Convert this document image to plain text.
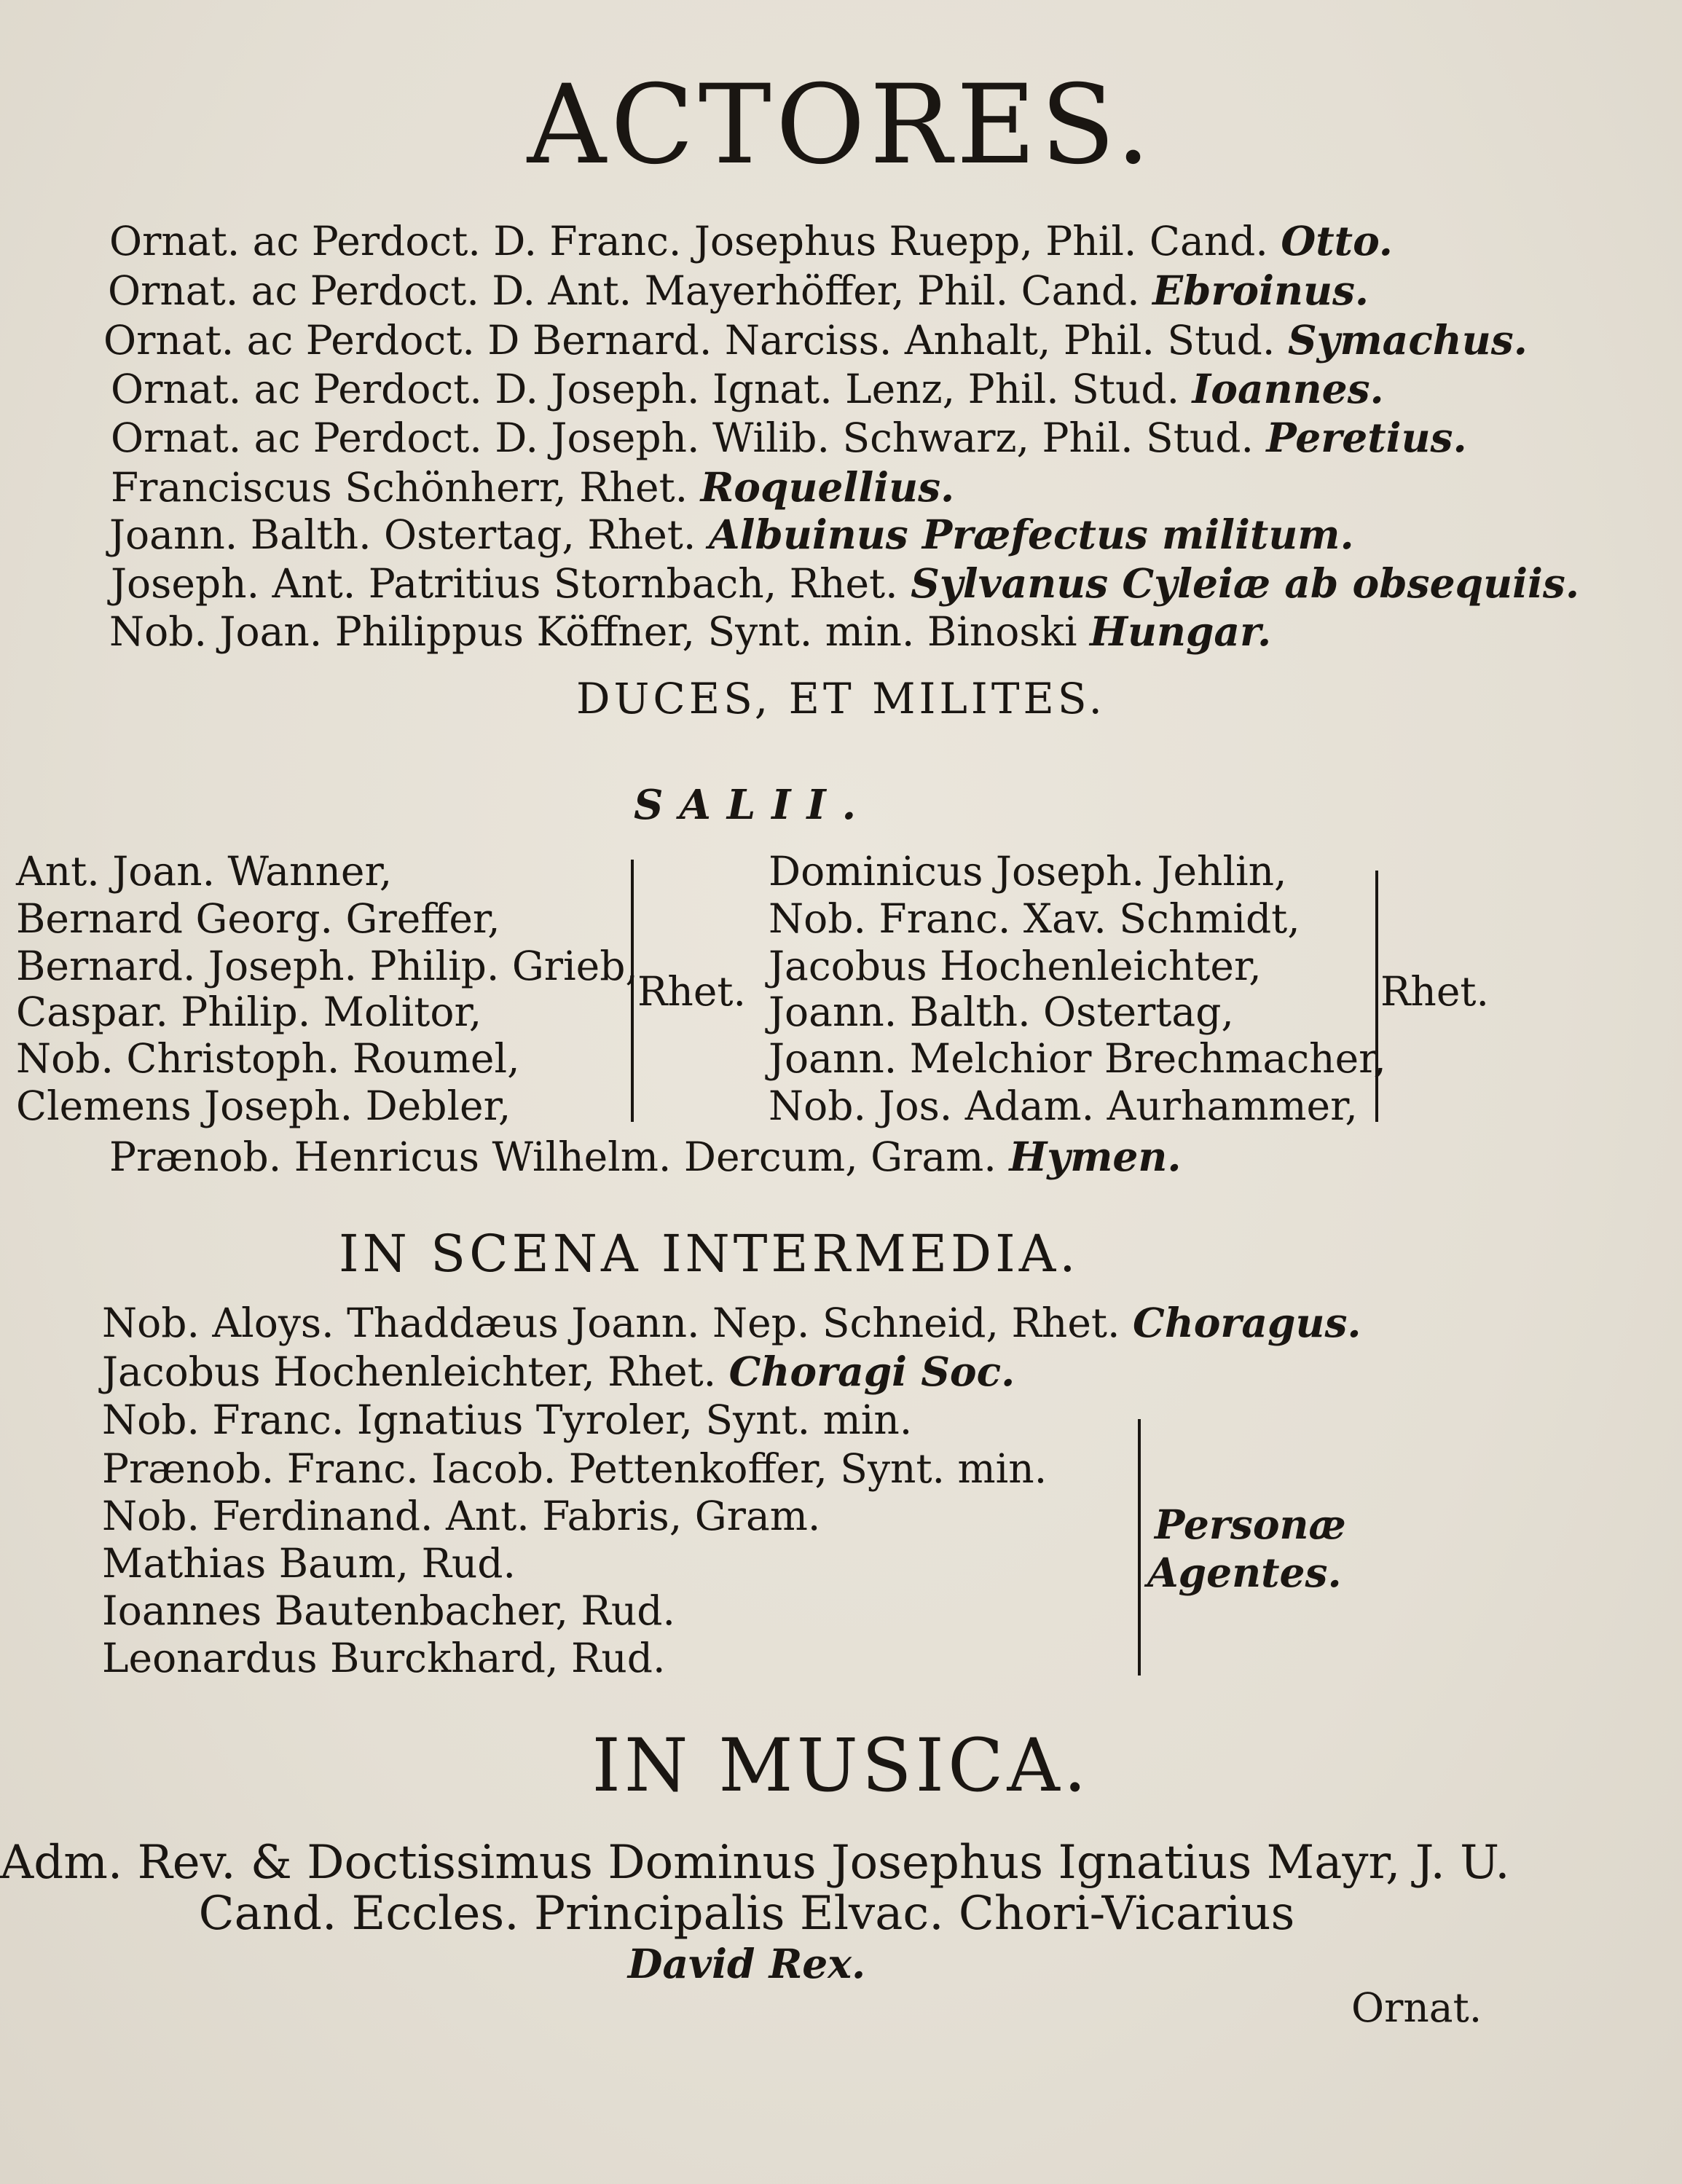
ACTORES.
Ornat. ac Perdoct. D. Franc. Josephus Ruepp, Phil. Cand. Otto.
Ornat. ac Perdoct. D. Ant. Mayerhöffer, Phil. Cand. Ebroinus.
Ornat. ac Perdoct. D Bernard. Narciss. Anhalt, Phil. Stud. Symachus.
Ornat. ac Perdoct. D. Joseph. Ignat. Lenz, Phil. Stud. Ioannes.
Ornat. ac Perdoct. D. Joseph. Wilib. Schwarz, Phil. Stud. Peretius.
Franciscus Schönherr, Rhet. Roquellius.
Joann. Balth. Ostertag, Rhet. Albuinus Præfectus militum.
Joseph. Ant. Patritius Stornbach, Rhet. Sylvanus Cyleiæ ab obsequiis.
Nob. Joan. Philippus Köffner, Synt. min. Binoski Hungar.
DUCES, ET MILITES.
SALII.
Ant. Joan. Wanner,
Bernard Georg. Greffer,
Bernard. Joseph. Philip. Grieb,
Caspar. Philip. Molitor,
Nob. Christoph. Roumel,
Clemens Joseph. Debler,
Rhet.
Dominicus Joseph. Jehlin,
Nob. Franc. Xav. Schmidt,
Jacobus Hochenleichter,
Joann. Balth. Ostertag,
Joann. Melchior Brechmacher,
Nob. Jos. Adam. Aurhammer,
Rhet.
Prænob. Henricus Wilhelm. Dercum, Gram. Hymen.
IN SCENA INTERMEDIA.
Nob. Aloys. Thaddæus Joann. Nep. Schneid, Rhet. Choragus.
Jacobus Hochenleichter, Rhet. Choragi Soc.
Nob. Franc. Ignatius Tyroler, Synt. min.
Prænob. Franc. Iacob. Pettenkoffer, Synt. min.
Nob. Ferdinand. Ant. Fabris, Gram.
Mathias Baum, Rud.
Ioannes Bautenbacher, Rud.
Leonardus Burckhard, Rud.
Personæ
Agentes.
IN MUSICA.
Adm. Rev. & Doctissimus Dominus Josephus Ignatius Mayr, J. U.
Cand. Eccles. Principalis Elvac. Chori-Vicarius
David Rex.
Ornat.
